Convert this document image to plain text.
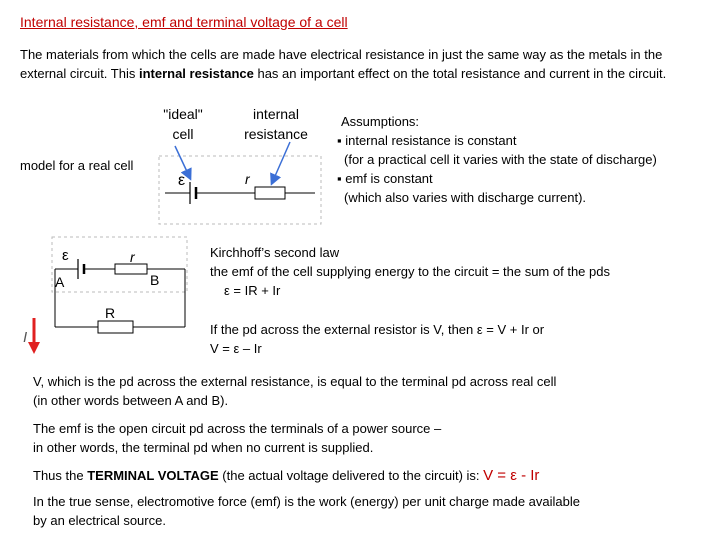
Internal resistance, emf and terminal voltage of a cell
The materials from which the cells are made have electrical resistance in just the same way as the metals in the external circuit. This internal resistance has an important effect on the total resistance and current in the circuit.
"ideal" cell
internal resistance
model for a real cell
ε	r
Assumptions:
▪ internal resistance is constant
(for a practical cell it varies with the state of discharge)
▪ emf is constant
(which also varies with discharge current).
ε	r
A	B
R
I
Kirchhoff’s second law
the emf of the cell supplying energy to the circuit = the sum of the pds
ε = IR + Ir
If the pd across the external resistor is V, then ε = V + Ir or
V = ε – Ir
V, which is the pd across the external resistance, is equal to the terminal pd across real cell
(in other words between A and B).
The emf is the open circuit pd across the terminals of a power source –
in other words, the terminal pd when no current is supplied.
Thus the TERMINAL VOLTAGE (the actual voltage delivered to the circuit) is: V = ε - Ir
In the true sense, electromotive force (emf) is the work (energy) per unit charge made available
by an electrical source.
